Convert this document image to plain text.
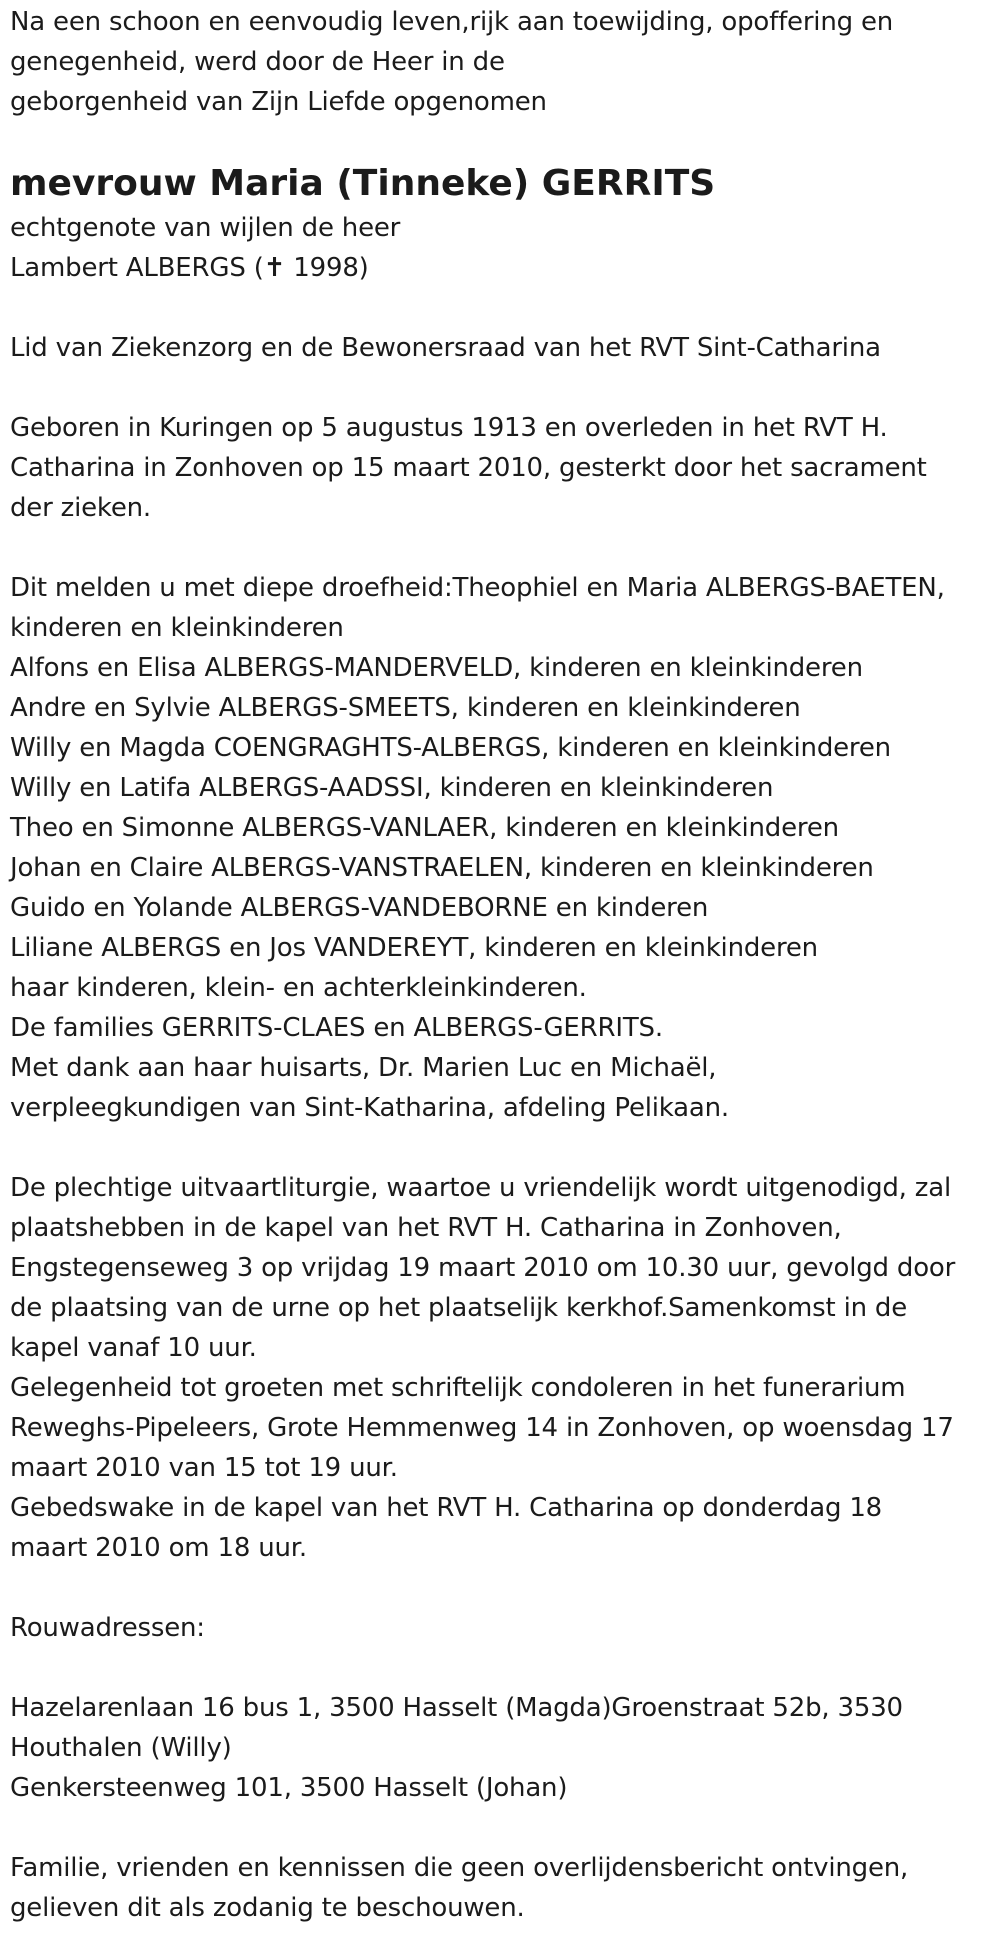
Na een schoon en eenvoudig leven,rijk aan toewijding, opoffering en
genegenheid, werd door de Heer in de
geborgenheid van Zijn Liefde opgenomen
mevrouw Maria (Tinneke) GERRITS
echtgenote van wijlen de heer
Lambert ALBERGS (✝ 1998)
Lid van Ziekenzorg en de Bewonersraad van het RVT Sint-Catharina
Geboren in Kuringen op 5 augustus 1913 en overleden in het RVT H.
Catharina in Zonhoven op 15 maart 2010, gesterkt door het sacrament
der zieken.
Dit melden u met diepe droefheid:Theophiel en Maria ALBERGS-BAETEN,
kinderen en kleinkinderen
Alfons en Elisa ALBERGS-MANDERVELD, kinderen en kleinkinderen
Andre en Sylvie ALBERGS-SMEETS, kinderen en kleinkinderen
Willy en Magda COENGRAGHTS-ALBERGS, kinderen en kleinkinderen
Willy en Latifa ALBERGS-AADSSI, kinderen en kleinkinderen
Theo en Simonne ALBERGS-VANLAER, kinderen en kleinkinderen
Johan en Claire ALBERGS-VANSTRAELEN, kinderen en kleinkinderen
Guido en Yolande ALBERGS-VANDEBORNE en kinderen
Liliane ALBERGS en Jos VANDEREYT, kinderen en kleinkinderen
haar kinderen, klein- en achterkleinkinderen.
De families GERRITS-CLAES en ALBERGS-GERRITS.
Met dank aan haar huisarts, Dr. Marien Luc en Michaël,
verpleegkundigen van Sint-Katharina, afdeling Pelikaan.
De plechtige uitvaartliturgie, waartoe u vriendelijk wordt uitgenodigd, zal
plaatshebben in de kapel van het RVT H. Catharina in Zonhoven,
Engstegenseweg 3 op vrijdag 19 maart 2010 om 10.30 uur, gevolgd door
de plaatsing van de urne op het plaatselijk kerkhof.Samenkomst in de
kapel vanaf 10 uur.
Gelegenheid tot groeten met schriftelijk condoleren in het funerarium
Reweghs-Pipeleers, Grote Hemmenweg 14 in Zonhoven, op woensdag 17
maart 2010 van 15 tot 19 uur.
Gebedswake in de kapel van het RVT H. Catharina op donderdag 18
maart 2010 om 18 uur.
Rouwadressen:
Hazelarenlaan 16 bus 1, 3500 Hasselt (Magda)Groenstraat 52b, 3530
Houthalen (Willy)
Genkersteenweg 101, 3500 Hasselt (Johan)
Familie, vrienden en kennissen die geen overlijdensbericht ontvingen,
gelieven dit als zodanig te beschouwen.
